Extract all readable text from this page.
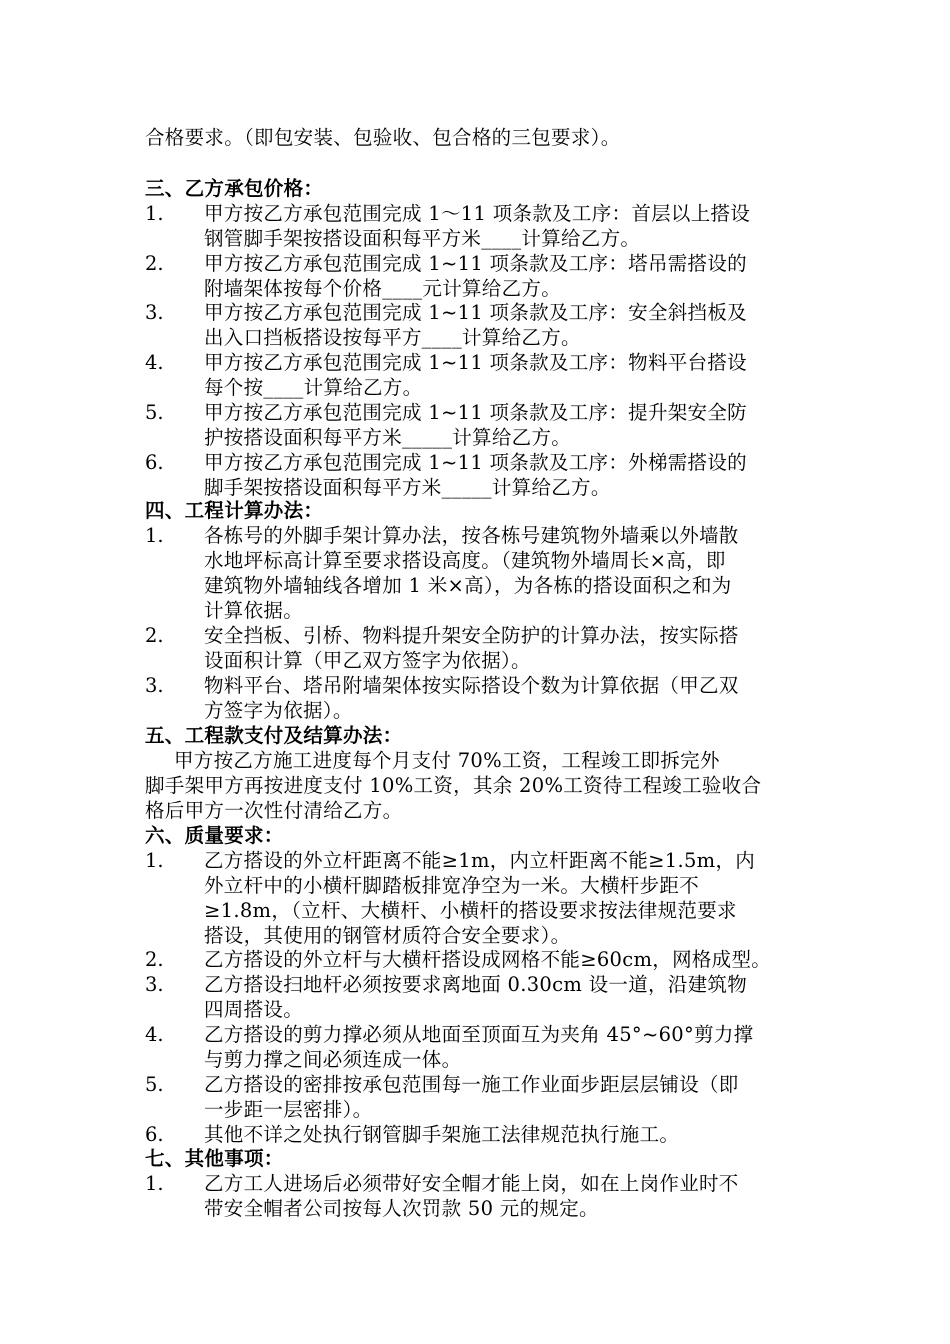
合格要求。（即包安装、包验收、包合格的三包要求）。
三、乙方承包价格：
1. 甲方按乙方承包范围完成 1～11 项条款及工序：首层以上搭设
钢管脚手架按搭设面积每平方米____计算给乙方。
2. 甲方按乙方承包范围完成 1~11 项条款及工序：塔吊需搭设的
附墙架体按每个价格____元计算给乙方。
3. 甲方按乙方承包范围完成 1~11 项条款及工序：安全斜挡板及
出入口挡板搭设按每平方____计算给乙方。
4. 甲方按乙方承包范围完成 1~11 项条款及工序：物料平台搭设
每个按____计算给乙方。
5. 甲方按乙方承包范围完成 1~11 项条款及工序：提升架安全防
护按搭设面积每平方米_____计算给乙方。
6. 甲方按乙方承包范围完成 1~11 项条款及工序：外梯需搭设的
脚手架按搭设面积每平方米_____计算给乙方。
四、工程计算办法：
1. 各栋号的外脚手架计算办法，按各栋号建筑物外墙乘以外墙散
水地坪标高计算至要求搭设高度。（建筑物外墙周长×高，即
建筑物外墙轴线各增加 1 米×高），为各栋的搭设面积之和为
计算依据。
2. 安全挡板、引桥、物料提升架安全防护的计算办法，按实际搭
设面积计算（甲乙双方签字为依据）。
3. 物料平台、塔吊附墙架体按实际搭设个数为计算依据（甲乙双
方签字为依据）。
五、工程款支付及结算办法：
甲方按乙方施工进度每个月支付 70%工资，工程竣工即拆完外
脚手架甲方再按进度支付 10%工资，其余 20%工资待工程竣工验收合
格后甲方一次性付清给乙方。
六、质量要求：
1. 乙方搭设的外立杆距离不能≥1m，内立杆距离不能≥1.5m，内
外立杆中的小横杆脚踏板排宽净空为一米。大横杆步距不
≥1.8m，（立杆、大横杆、小横杆的搭设要求按法律规范要求
搭设，其使用的钢管材质符合安全要求）。
2. 乙方搭设的外立杆与大横杆搭设成网格不能≥60cm，网格成型。
3. 乙方搭设扫地杆必须按要求离地面 0.30cm 设一道，沿建筑物
四周搭设。
4. 乙方搭设的剪力撑必须从地面至顶面互为夹角 45°~60°剪力撑
与剪力撑之间必须连成一体。
5. 乙方搭设的密排按承包范围每一施工作业面步距层层铺设（即
一步距一层密排）。
6. 其他不详之处执行钢管脚手架施工法律规范执行施工。
七、其他事项：
1. 乙方工人进场后必须带好安全帽才能上岗，如在上岗作业时不
带安全帽者公司按每人次罚款 50 元的规定。
